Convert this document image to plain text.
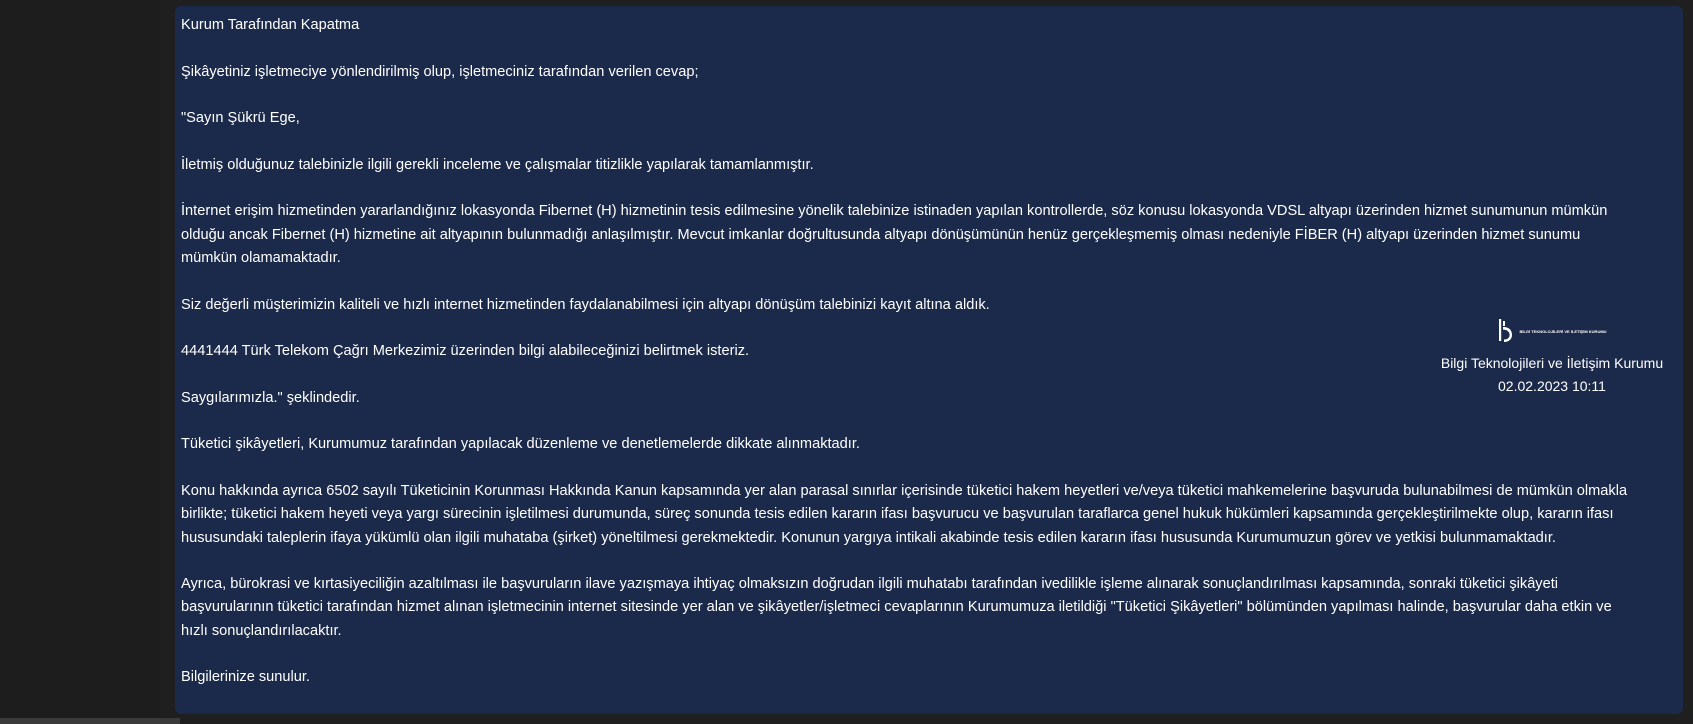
Kurum Tarafından Kapatma

Şikâyetiniz işletmeciye yönlendirilmiş olup, işletmeciniz tarafından verilen cevap;

"Sayın Şükrü Ege,

İletmiş olduğunuz talebinizle ilgili gerekli inceleme ve çalışmalar titizlikle yapılarak tamamlanmıştır.

İnternet erişim hizmetinden yararlandığınız lokasyonda Fibernet (H) hizmetinin tesis edilmesine yönelik talebinize istinaden yapılan kontrollerde, söz konusu lokasyonda VDSL altyapı üzerinden hizmet sunumunun mümkün olduğu ancak Fibernet (H) hizmetine ait altyapının bulunmadığı anlaşılmıştır. Mevcut imkanlar doğrultusunda altyapı dönüşümünün henüz gerçekleşmemiş olması nedeniyle FİBER (H) altyapı üzerinden hizmet sunumu mümkün olamamaktadır.

Siz değerli müşterimizin kaliteli ve hızlı internet hizmetinden faydalanabilmesi için altyapı dönüşüm talebinizi kayıt altına aldık.

4441444 Türk Telekom Çağrı Merkezimiz üzerinden bilgi alabileceğinizi belirtmek isteriz.

Saygılarımızla." şeklindedir.

Tüketici şikâyetleri, Kurumumuz tarafından yapılacak düzenleme ve denetlemelerde dikkate alınmaktadır.

Konu hakkında ayrıca 6502 sayılı Tüketicinin Korunması Hakkında Kanun kapsamında yer alan parasal sınırlar içerisinde tüketici hakem heyetleri ve/veya tüketici mahkemelerine başvuruda bulunabilmesi de mümkün olmakla birlikte; tüketici hakem heyeti veya yargı sürecinin işletilmesi durumunda, süreç sonunda tesis edilen kararın ifası başvurucu ve başvurulan taraflarca genel hukuk hükümleri kapsamında gerçekleştirilmekte olup, kararın ifası hususundaki taleplerin ifaya yükümlü olan ilgili muhataba (şirket) yöneltilmesi gerekmektedir. Konunun yargıya intikali akabinde tesis edilen kararın ifası hususunda Kurumumuzun görev ve yetkisi bulunmamaktadır.

Ayrıca, bürokrasi ve kırtasiyeciliğin azaltılması ile başvuruların ilave yazışmaya ihtiyaç olmaksızın doğrudan ilgili muhatabı tarafından ivedilikle işleme alınarak sonuçlandırılması kapsamında, sonraki tüketici şikâyeti başvurularının tüketici tarafından hizmet alınan işletmecinin internet sitesinde yer alan ve şikâyetler/işletmeci cevaplarının Kurumumuza iletildiği "Tüketici Şikâyetleri" bölümünden yapılması halinde, başvurular daha etkin ve hızlı sonuçlandırılacaktır.

Bilgilerinize sunulur.

BİLGİ TEKNOLOJİLERİ VE İLETİŞİM KURUMU
Bilgi Teknolojileri ve İletişim Kurumu
02.02.2023 10:11
